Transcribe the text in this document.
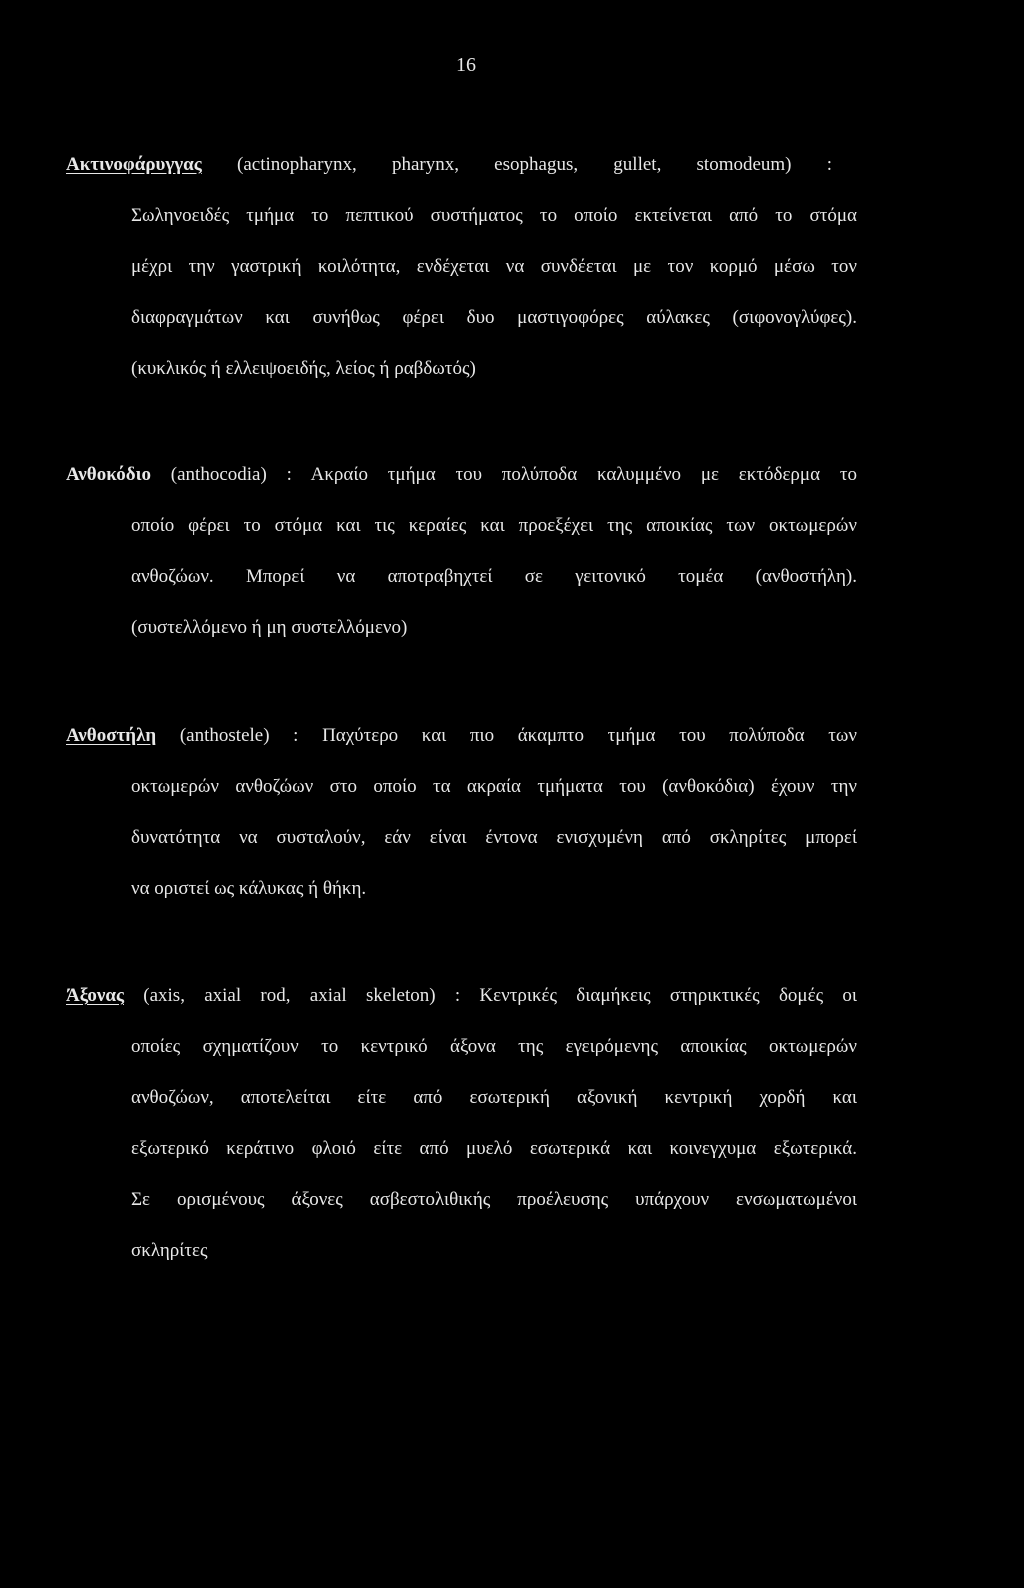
16
Ακτινοφάρυγγας (actinopharynx, pharynx, esophagus, gullet, stomodeum) :
Σωληνοειδές τμήμα το πεπτικού συστήματος το οποίο εκτείνεται από το στόμα
μέχρι την γαστρική κοιλότητα, ενδέχεται να συνδέεται με τον κορμό μέσω τον
διαφραγμάτων και συνήθως φέρει δυο μαστιγοφόρες αύλακες (σιφονογλύφες).
(κυκλικός ή ελλειψοειδής, λείος ή ραβδωτός)
Ανθοκόδιο (anthocodia) : Ακραίο τμήμα του πολύποδα καλυμμένο με εκτόδερμα το
οποίο φέρει το στόμα και τις κεραίες και προεξέχει της αποικίας των οκτωμερών
ανθοζώων. Μπορεί να αποτραβηχτεί σε γειτονικό τομέα (ανθοστήλη).
(συστελλόμενο ή μη συστελλόμενο)
Ανθοστήλη (anthostele) : Παχύτερο και πιο άκαμπτο τμήμα του πολύποδα των
οκτωμερών ανθοζώων στο οποίο τα ακραία τμήματα του (ανθοκόδια) έχουν την
δυνατότητα να συσταλούν, εάν είναι έντονα ενισχυμένη από σκληρίτες μπορεί
να οριστεί ως κάλυκας ή θήκη.
Άξονας (axis, axial rod, axial skeleton) : Κεντρικές διαμήκεις στηρικτικές δομές οι
οποίες σχηματίζουν το κεντρικό άξονα της εγειρόμενης αποικίας οκτωμερών
ανθοζώων, αποτελείται είτε από εσωτερική αξονική κεντρική χορδή και
εξωτερικό κεράτινο φλοιό είτε από μυελό εσωτερικά και κοινεγχυμα εξωτερικά.
Σε ορισμένους άξονες ασβεστολιθικής προέλευσης υπάρχουν ενσωματωμένοι
σκληρίτες
